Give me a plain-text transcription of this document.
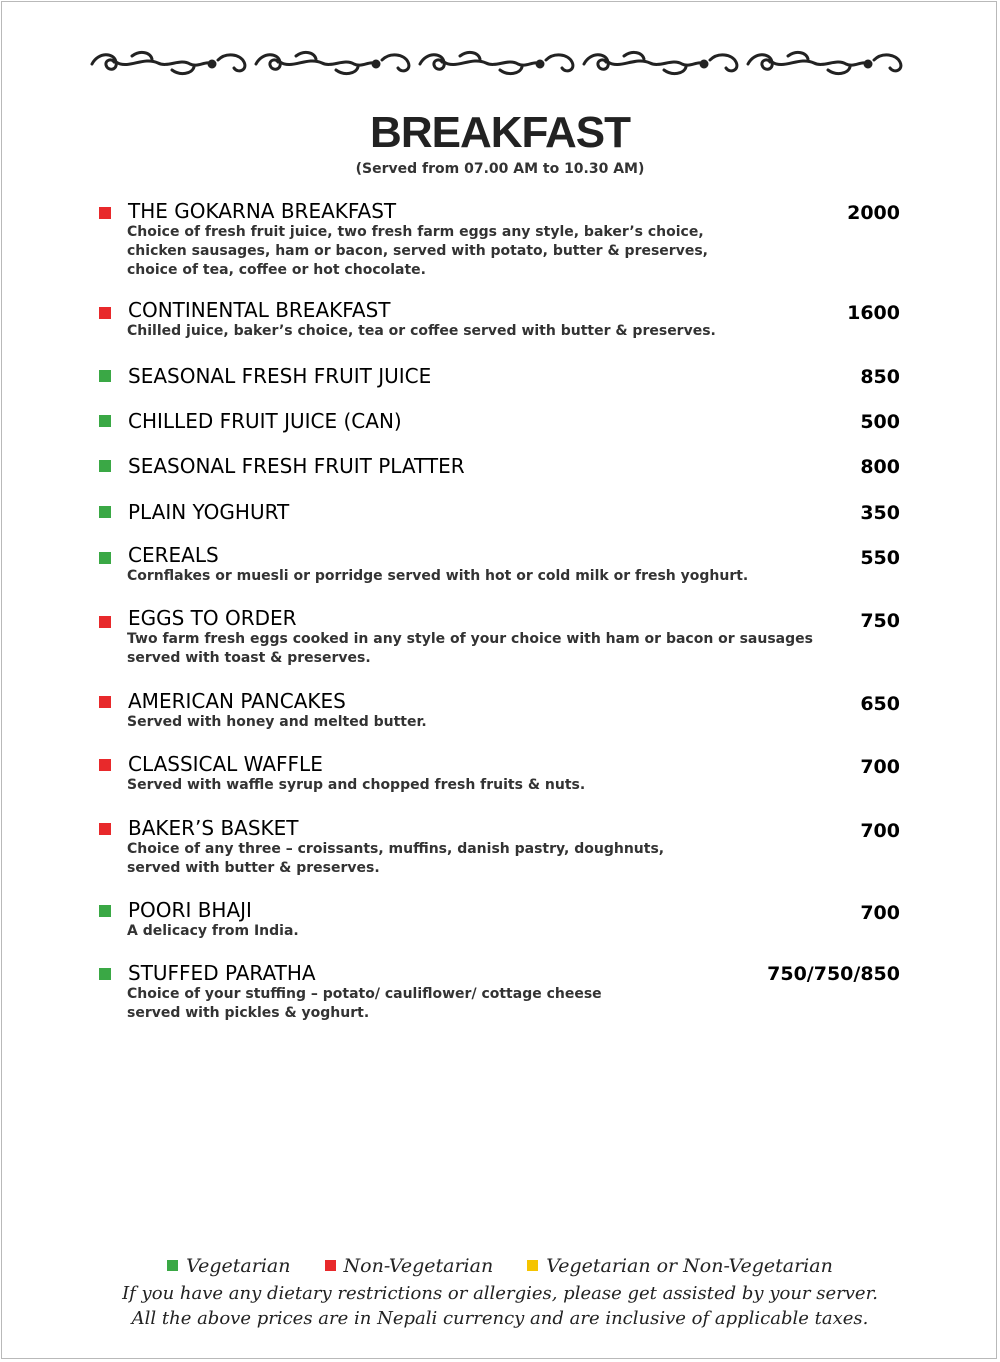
BREAKFAST
(Served from 07.00 AM to 10.30 AM)
THE GOKARNA BREAKFAST	2000
Choice of fresh fruit juice, two fresh farm eggs any style, baker’s choice,
chicken sausages, ham or bacon, served with potato, butter & preserves,
choice of tea, coffee or hot chocolate.
CONTINENTAL BREAKFAST	1600
Chilled juice, baker’s choice, tea or coffee served with butter & preserves.
SEASONAL FRESH FRUIT JUICE	850
CHILLED FRUIT JUICE (CAN)	500
SEASONAL FRESH FRUIT PLATTER	800
PLAIN YOGHURT	350
CEREALS	550
Cornflakes or muesli or porridge served with hot or cold milk or fresh yoghurt.
EGGS TO ORDER	750
Two farm fresh eggs cooked in any style of your choice with ham or bacon or sausages
served with toast & preserves.
AMERICAN PANCAKES	650
Served with honey and melted butter.
CLASSICAL WAFFLE	700
Served with waffle syrup and chopped fresh fruits & nuts.
BAKER’S BASKET	700
Choice of any three – croissants, muffins, danish pastry, doughnuts,
served with butter & preserves.
POORI BHAJI	700
A delicacy from India.
STUFFED PARATHA	750/750/850
Choice of your stuffing – potato/ cauliflower/ cottage cheese
served with pickles & yoghurt.
Vegetarian	Non-Vegetarian	Vegetarian or Non-Vegetarian
If you have any dietary restrictions or allergies, please get assisted by your server.
All the above prices are in Nepali currency and are inclusive of applicable taxes.
